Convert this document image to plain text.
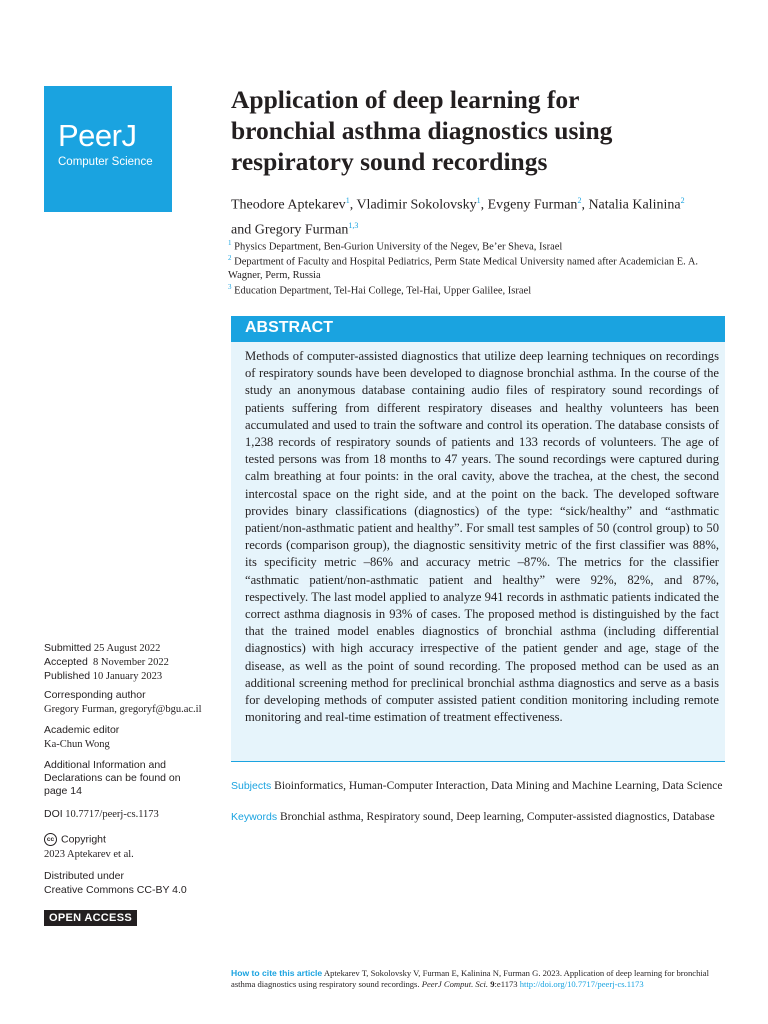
PeerJ
Computer Science
Application of deep learning for bronchial asthma diagnostics using respiratory sound recordings
Theodore Aptekarev$^1$, Vladimir Sokolovsky$^1$, Evgeny Furman$^2$, Natalia Kalinina$^2$ and Gregory Furman$^{1,3}$
$^1$ Physics Department, Ben-Gurion University of the Negev, Be’er Sheva, Israel
$^2$ Department of Faculty and Hospital Pediatrics, Perm State Medical University named after Academician E. A. Wagner, Perm, Russia
$^3$ Education Department, Tel-Hai College, Tel-Hai, Upper Galilee, Israel
ABSTRACT

Methods of computer-assisted diagnostics that utilize deep learning techniques on recordings of respiratory sounds have been developed to diagnose bronchial asthma. In the course of the study an anonymous database containing audio files of respiratory sound recordings of patients suffering from different respiratory diseases and healthy volunteers has been accumulated and used to train the software and control its operation. The database consists of 1,238 records of respiratory sounds of patients and 133 records of volunteers. The age of tested persons was from 18 months to 47 years. The sound recordings were captured during calm breathing at four points: in the oral cavity, above the trachea, at the chest, the second intercostal space on the right side, and at the point on the back. The developed software provides binary classifications (diagnostics) of the type: “sick/healthy” and “asthmatic patient/non-asthmatic patient and healthy”. For small test samples of 50 (control group) to 50 records (comparison group), the diagnostic sensitivity metric of the first classifier was 88%, its specificity metric –86% and accuracy metric –87%. The metrics for the classifier “asthmatic patient/non-asthmatic patient and healthy” were 92%, 82%, and 87%, respectively. The last model applied to analyze 941 records in asthmatic patients indicated the correct asthma diagnosis in 93% of cases. The proposed method is distinguished by the fact that the trained model enables diagnostics of bronchial asthma (including differential diagnostics) with high accuracy irrespective of the patient gender and age, stage of the disease, as well as the point of sound recording. The proposed method can be used as an additional screening method for preclinical bronchial asthma diagnostics and serve as a basis for developing methods of computer assisted patient condition monitoring including remote monitoring and real-time estimation of treatment effectiveness.

Subjects Bioinformatics, Human-Computer Interaction, Data Mining and Machine Learning, Data Science
Keywords Bronchial asthma, Respiratory sound, Deep learning, Computer-assisted diagnostics, Database
Submitted 25 August 2022
Accepted 8 November 2022
Published 10 January 2023
Corresponding author
Gregory Furman, gregoryf@bgu.ac.il
Academic editor
Ka-Chun Wong
Additional Information and Declarations can be found on page 14
DOI 10.7717/peerj-cs.1173
cc Copyright
2023 Aptekarev et al.
Distributed under
Creative Commons CC-BY 4.0
OPEN ACCESS
How to cite this article Aptekarev T, Sokolovsky V, Furman E, Kalinina N, Furman G. 2023. Application of deep learning for bronchial asthma diagnostics using respiratory sound recordings. PeerJ Comput. Sci. 9:e1173 http://doi.org/10.7717/peerj-cs.1173
